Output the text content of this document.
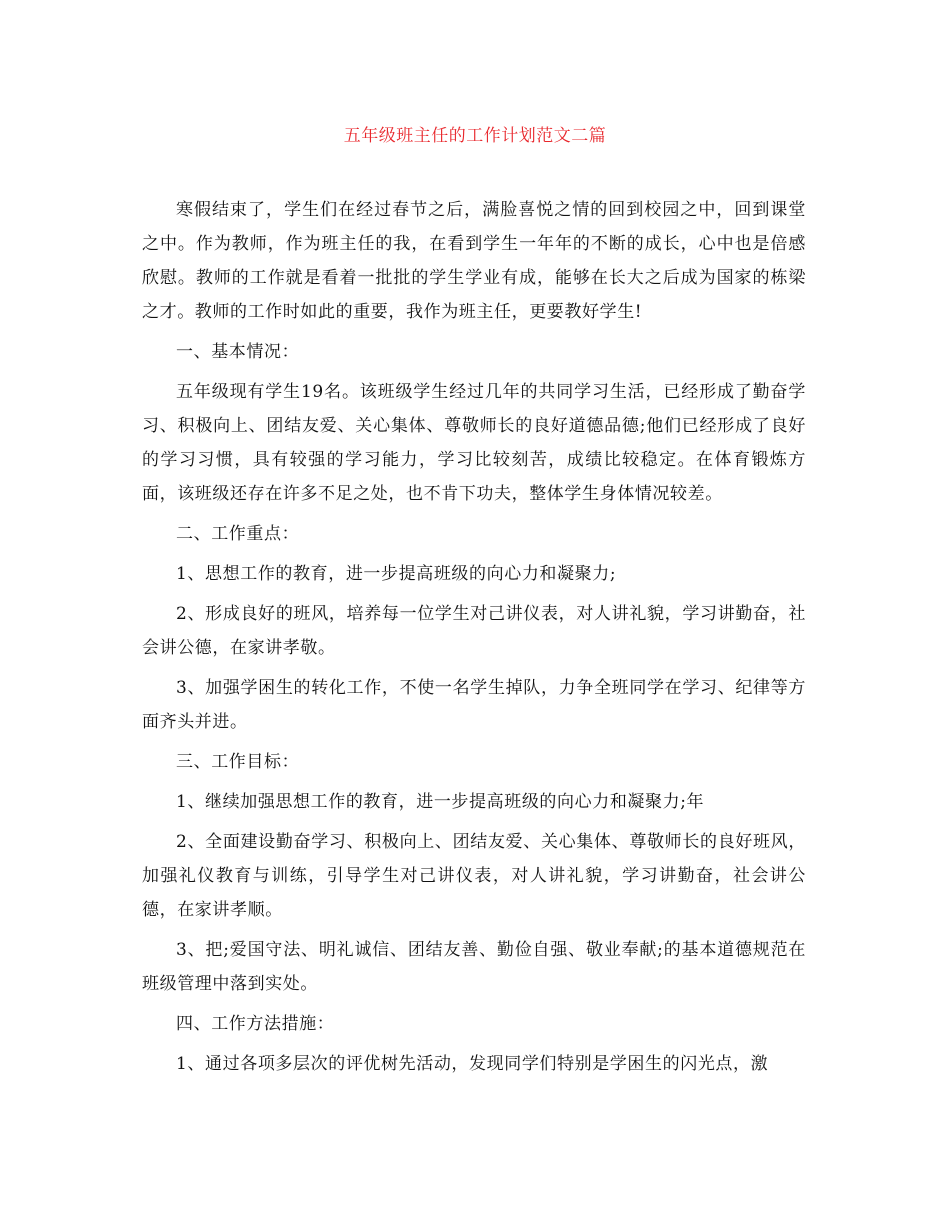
五年级班主任的工作计划范文二篇

寒假结束了，学生们在经过春节之后，满脸喜悦之情的回到校园之中，回到课堂之中。作为教师，作为班主任的我，在看到学生一年年的不断的成长，心中也是倍感欣慰。教师的工作就是看着一批批的学生学业有成，能够在长大之后成为国家的栋梁之才。教师的工作时如此的重要，我作为班主任，更要教好学生!

一、基本情况：

五年级现有学生19名。该班级学生经过几年的共同学习生活，已经形成了勤奋学习、积极向上、团结友爱、关心集体、尊敬师长的良好道德品德;他们已经形成了良好的学习习惯，具有较强的学习能力，学习比较刻苦，成绩比较稳定。在体育锻炼方面，该班级还存在许多不足之处，也不肯下功夫，整体学生身体情况较差。

二、工作重点：

1、思想工作的教育，进一步提高班级的向心力和凝聚力;

2、形成良好的班风，培养每一位学生对己讲仪表，对人讲礼貌，学习讲勤奋，社会讲公德，在家讲孝敬。

3、加强学困生的转化工作，不使一名学生掉队，力争全班同学在学习、纪律等方面齐头并进。

三、工作目标：

1、继续加强思想工作的教育，进一步提高班级的向心力和凝聚力;年

2、全面建设勤奋学习、积极向上、团结友爱、关心集体、尊敬师长的良好班风，加强礼仪教育与训练，引导学生对己讲仪表，对人讲礼貌，学习讲勤奋，社会讲公德，在家讲孝顺。

3、把;爱国守法、明礼诚信、团结友善、勤俭自强、敬业奉献;的基本道德规范在班级管理中落到实处。

四、工作方法措施：

1、通过各项多层次的评优树先活动，发现同学们特别是学困生的闪光点，激
